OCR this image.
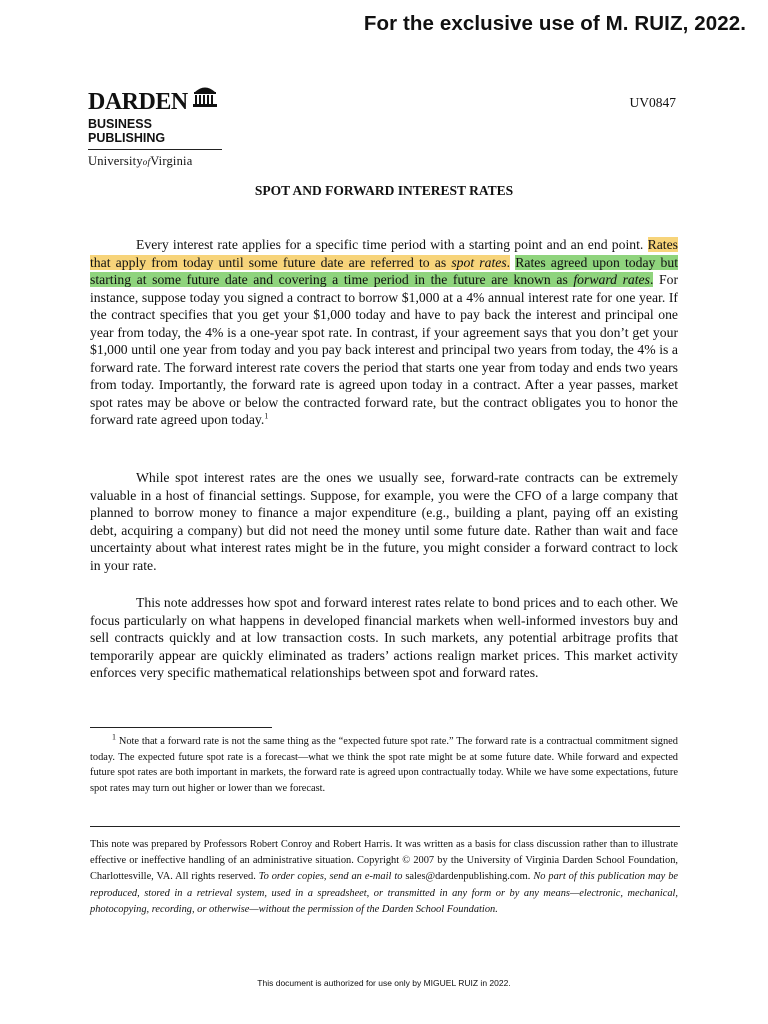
For the exclusive use of M. RUIZ, 2022.
DARDEN
BUSINESS PUBLISHING
UniversityofVirginia
UV0847
SPOT AND FORWARD INTEREST RATES

Every interest rate applies for a specific time period with a starting point and an end point. Rates that apply from today until some future date are referred to as spot rates. Rates agreed upon today but starting at some future date and covering a time period in the future are known as forward rates. For instance, suppose today you signed a contract to borrow $1,000 at a 4% annual interest rate for one year. If the contract specifies that you get your $1,000 today and have to pay back the interest and principal one year from today, the 4% is a one-year spot rate. In contrast, if your agreement says that you don’t get your $1,000 until one year from today and you pay back interest and principal two years from today, the 4% is a forward rate. The forward interest rate covers the period that starts one year from today and ends two years from today. Importantly, the forward rate is agreed upon today in a contract. After a year passes, market spot rates may be above or below the contracted forward rate, but the contract obligates you to honor the forward rate agreed upon today.$^1$

While spot interest rates are the ones we usually see, forward-rate contracts can be extremely valuable in a host of financial settings. Suppose, for example, you were the CFO of a large company that planned to borrow money to finance a major expenditure (e.g., building a plant, paying off an existing debt, acquiring a company) but did not need the money until some future date. Rather than wait and face uncertainty about what interest rates might be in the future, you might consider a forward contract to lock in your rate.

This note addresses how spot and forward interest rates relate to bond prices and to each other. We focus particularly on what happens in developed financial markets when well-informed investors buy and sell contracts quickly and at low transaction costs. In such markets, any potential arbitrage profits that temporarily appear are quickly eliminated as traders’ actions realign market prices. This market activity enforces very specific mathematical relationships between spot and forward rates.

$^1$ Note that a forward rate is not the same thing as the “expected future spot rate.” The forward rate is a contractual commitment signed today. The expected future spot rate is a forecast—what we think the spot rate might be at some future date. While forward and expected future spot rates are both important in markets, the forward rate is agreed upon contractually today. While we have some expectations, future spot rates may turn out higher or lower than we forecast.

This note was prepared by Professors Robert Conroy and Robert Harris. It was written as a basis for class discussion rather than to illustrate effective or ineffective handling of an administrative situation. Copyright © 2007 by the University of Virginia Darden School Foundation, Charlottesville, VA. All rights reserved. To order copies, send an e-mail to sales@dardenpublishing.com. No part of this publication may be reproduced, stored in a retrieval system, used in a spreadsheet, or transmitted in any form or by any means—electronic, mechanical, photocopying, recording, or otherwise—without the permission of the Darden School Foundation.

This document is authorized for use only by MIGUEL RUIZ in 2022.
